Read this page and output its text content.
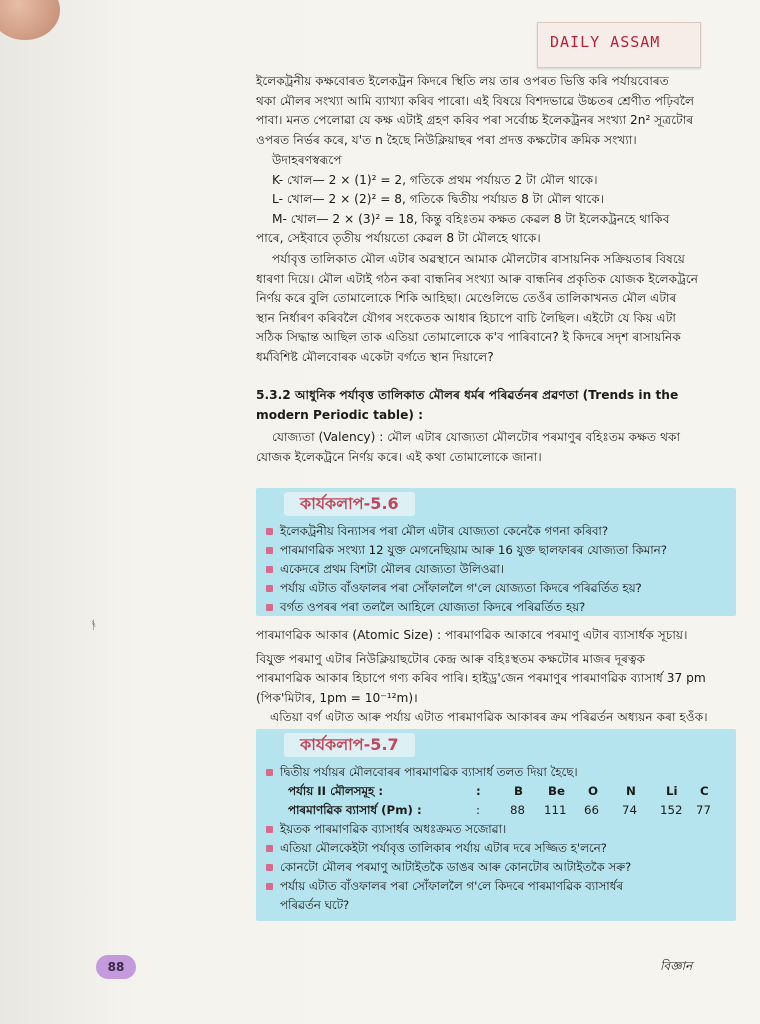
DAILY ASSAM
ইলেকট্ৰনীয় কক্ষবোৰত ইলেকট্ৰন কিদৰে স্থিতি লয় তাৰ ওপৰত ভিত্তি কৰি পৰ্যায়বোৰত
থকা মৌলৰ সংখ্যা আমি ব্যাখ্যা কৰিব পাৰো। এই বিষয়ে বিশদভাৱে উচ্চতৰ শ্ৰেণীত পঢ়িবলৈ
পাবা। মনত পেলোৱা যে কক্ষ এটাই গ্ৰহণ কৰিব পৰা সৰ্বোচ্চ ইলেকট্ৰনৰ সংখ্যা 2n² সূত্ৰটোৰ
ওপৰত নিৰ্ভৰ কৰে, য'ত n হৈছে নিউক্লিয়াছৰ পৰা প্ৰদত্ত কক্ষটোৰ ক্ৰমিক সংখ্যা।
উদাহৰণস্বৰূপে
K- খোল— 2 × (1)² = 2, গতিকে প্ৰথম পৰ্যায়ত 2 টা মৌল থাকে।
L- খোল— 2 × (2)² = 8, গতিকে দ্বিতীয় পৰ্যায়ত 8 টা মৌল থাকে।
M- খোল— 2 × (3)² = 18, কিন্তু বহিঃতম কক্ষত কেৱল 8 টা ইলেকট্ৰনহে থাকিব
পাৰে, সেইবাবে তৃতীয় পৰ্যায়তো কেৱল 8 টা মৌলহে থাকে।
পৰ্যাবৃত্ত তালিকাত মৌল এটাৰ অৱস্থানে আমাক মৌলটোৰ ৰাসায়নিক সক্ৰিয়তাৰ বিষয়ে
ধাৰণা দিয়ে। মৌল এটাই গঠন কৰা বান্ধনিৰ সংখ্যা আৰু বান্ধনিৰ প্ৰকৃতিক যোজক ইলেকট্ৰনে
নিৰ্ণয় কৰে বুলি তোমালোকে শিকি আহিছা। মেণ্ডেলিভে তেওঁৰ তালিকাখনত মৌল এটাৰ
স্থান নিৰ্ধাৰণ কৰিবলৈ যৌগৰ সংকেতক আধাৰ হিচাপে বাচি লৈছিল। এইটো যে কিয় এটা
সঠিক সিদ্ধান্ত আছিল তাক এতিয়া তোমালোকে ক'ব পাৰিবানে? ই কিদৰে সদৃশ ৰাসায়নিক
ধৰ্মবিশিষ্ট মৌলবোৰক একেটা বৰ্গতে স্থান দিয়ালে?
5.3.2 আধুনিক পৰ্যাবৃত্ত তালিকাত মৌলৰ ধৰ্মৰ পৰিৱৰ্তনৰ প্ৰৱণতা (Trends in the
modern Periodic table) :
যোজ্যতা (Valency) : মৌল এটাৰ যোজ্যতা মৌলটোৰ পৰমাণুৰ বহিঃতম কক্ষত থকা
যোজক ইলেকট্ৰনে নিৰ্ণয় কৰে। এই কথা তোমালোকে জানা।
কাৰ্যকলাপ-5.6
ইলেকট্ৰনীয় বিন্যাসৰ পৰা মৌল এটাৰ যোজ্যতা কেনেকৈ গণনা কৰিবা?
পাৰমাণৱিক সংখ্যা 12 যুক্ত মেগনেছিয়াম আৰু 16 যুক্ত ছালফাৰৰ যোজ্যতা কিমান?
একেদৰে প্ৰথম বিশটা মৌলৰ যোজ্যতা উলিওৱা।
পৰ্যায় এটাত বাঁওফালৰ পৰা সোঁফাললৈ গ'লে যোজ্যতা কিদৰে পৰিৱৰ্তিত হয়?
বৰ্গত ওপৰৰ পৰা তললৈ আহিলে যোজ্যতা কিদৰে পৰিৱৰ্তিত হয়?
ᚬ
পাৰমাণৱিক আকাৰ (Atomic Size) : পাৰমাণৱিক আকাৰে পৰমাণু এটাৰ ব্যাসাৰ্ধক সূচায়।
বিযুক্ত পৰমাণু এটাৰ নিউক্লিয়াছটোৰ কেন্দ্ৰ আৰু বহিঃস্থতম কক্ষটোৰ মাজৰ দূৰত্বক
পাৰমাণৱিক আকাৰ হিচাপে গণ্য কৰিব পাৰি। হাইড্ৰ'জেন পৰমাণুৰ পাৰমাণৱিক ব্যাসাৰ্ধ 37 pm
(পিক'মিটাৰ, 1pm = 10⁻¹²m)।
এতিয়া বৰ্গ এটাত আৰু পৰ্যায় এটাত পাৰমাণৱিক আকাৰৰ ক্ৰম পৰিৱৰ্তন অধ্যয়ন কৰা হওঁক।
কাৰ্যকলাপ-5.7
দ্বিতীয় পৰ্যায়ৰ মৌলবোৰৰ পাৰমাণৱিক ব্যাসাৰ্ধ তলত দিয়া হৈছে।
পৰ্যায় II মৌলসমূহ :	:	B Be O N	Li C
পাৰমাণৱিক ব্যাসাৰ্ধ (Pm) :	:	88 111 66 74 152 77
ইয়তক পাৰমাণৱিক ব্যাসাৰ্ধৰ অধঃক্ৰমত সজোৱা।
এতিয়া মৌলকেইটা পৰ্যাবৃত্ত তালিকাৰ পৰ্যায় এটাৰ দৰে সজ্জিত হ'লনে?
কোনটো মৌলৰ পৰমাণু আটাইতকৈ ডাঙৰ আৰু কোনটোৰ আটাইতকৈ সৰু?
পৰ্যায় এটাত বাঁওফালৰ পৰা সোঁফাললৈ গ'লে কিদৰে পাৰমাণৱিক ব্যাসাৰ্ধৰ
পৰিৱৰ্তন ঘটে?
88	বিজ্ঞান
